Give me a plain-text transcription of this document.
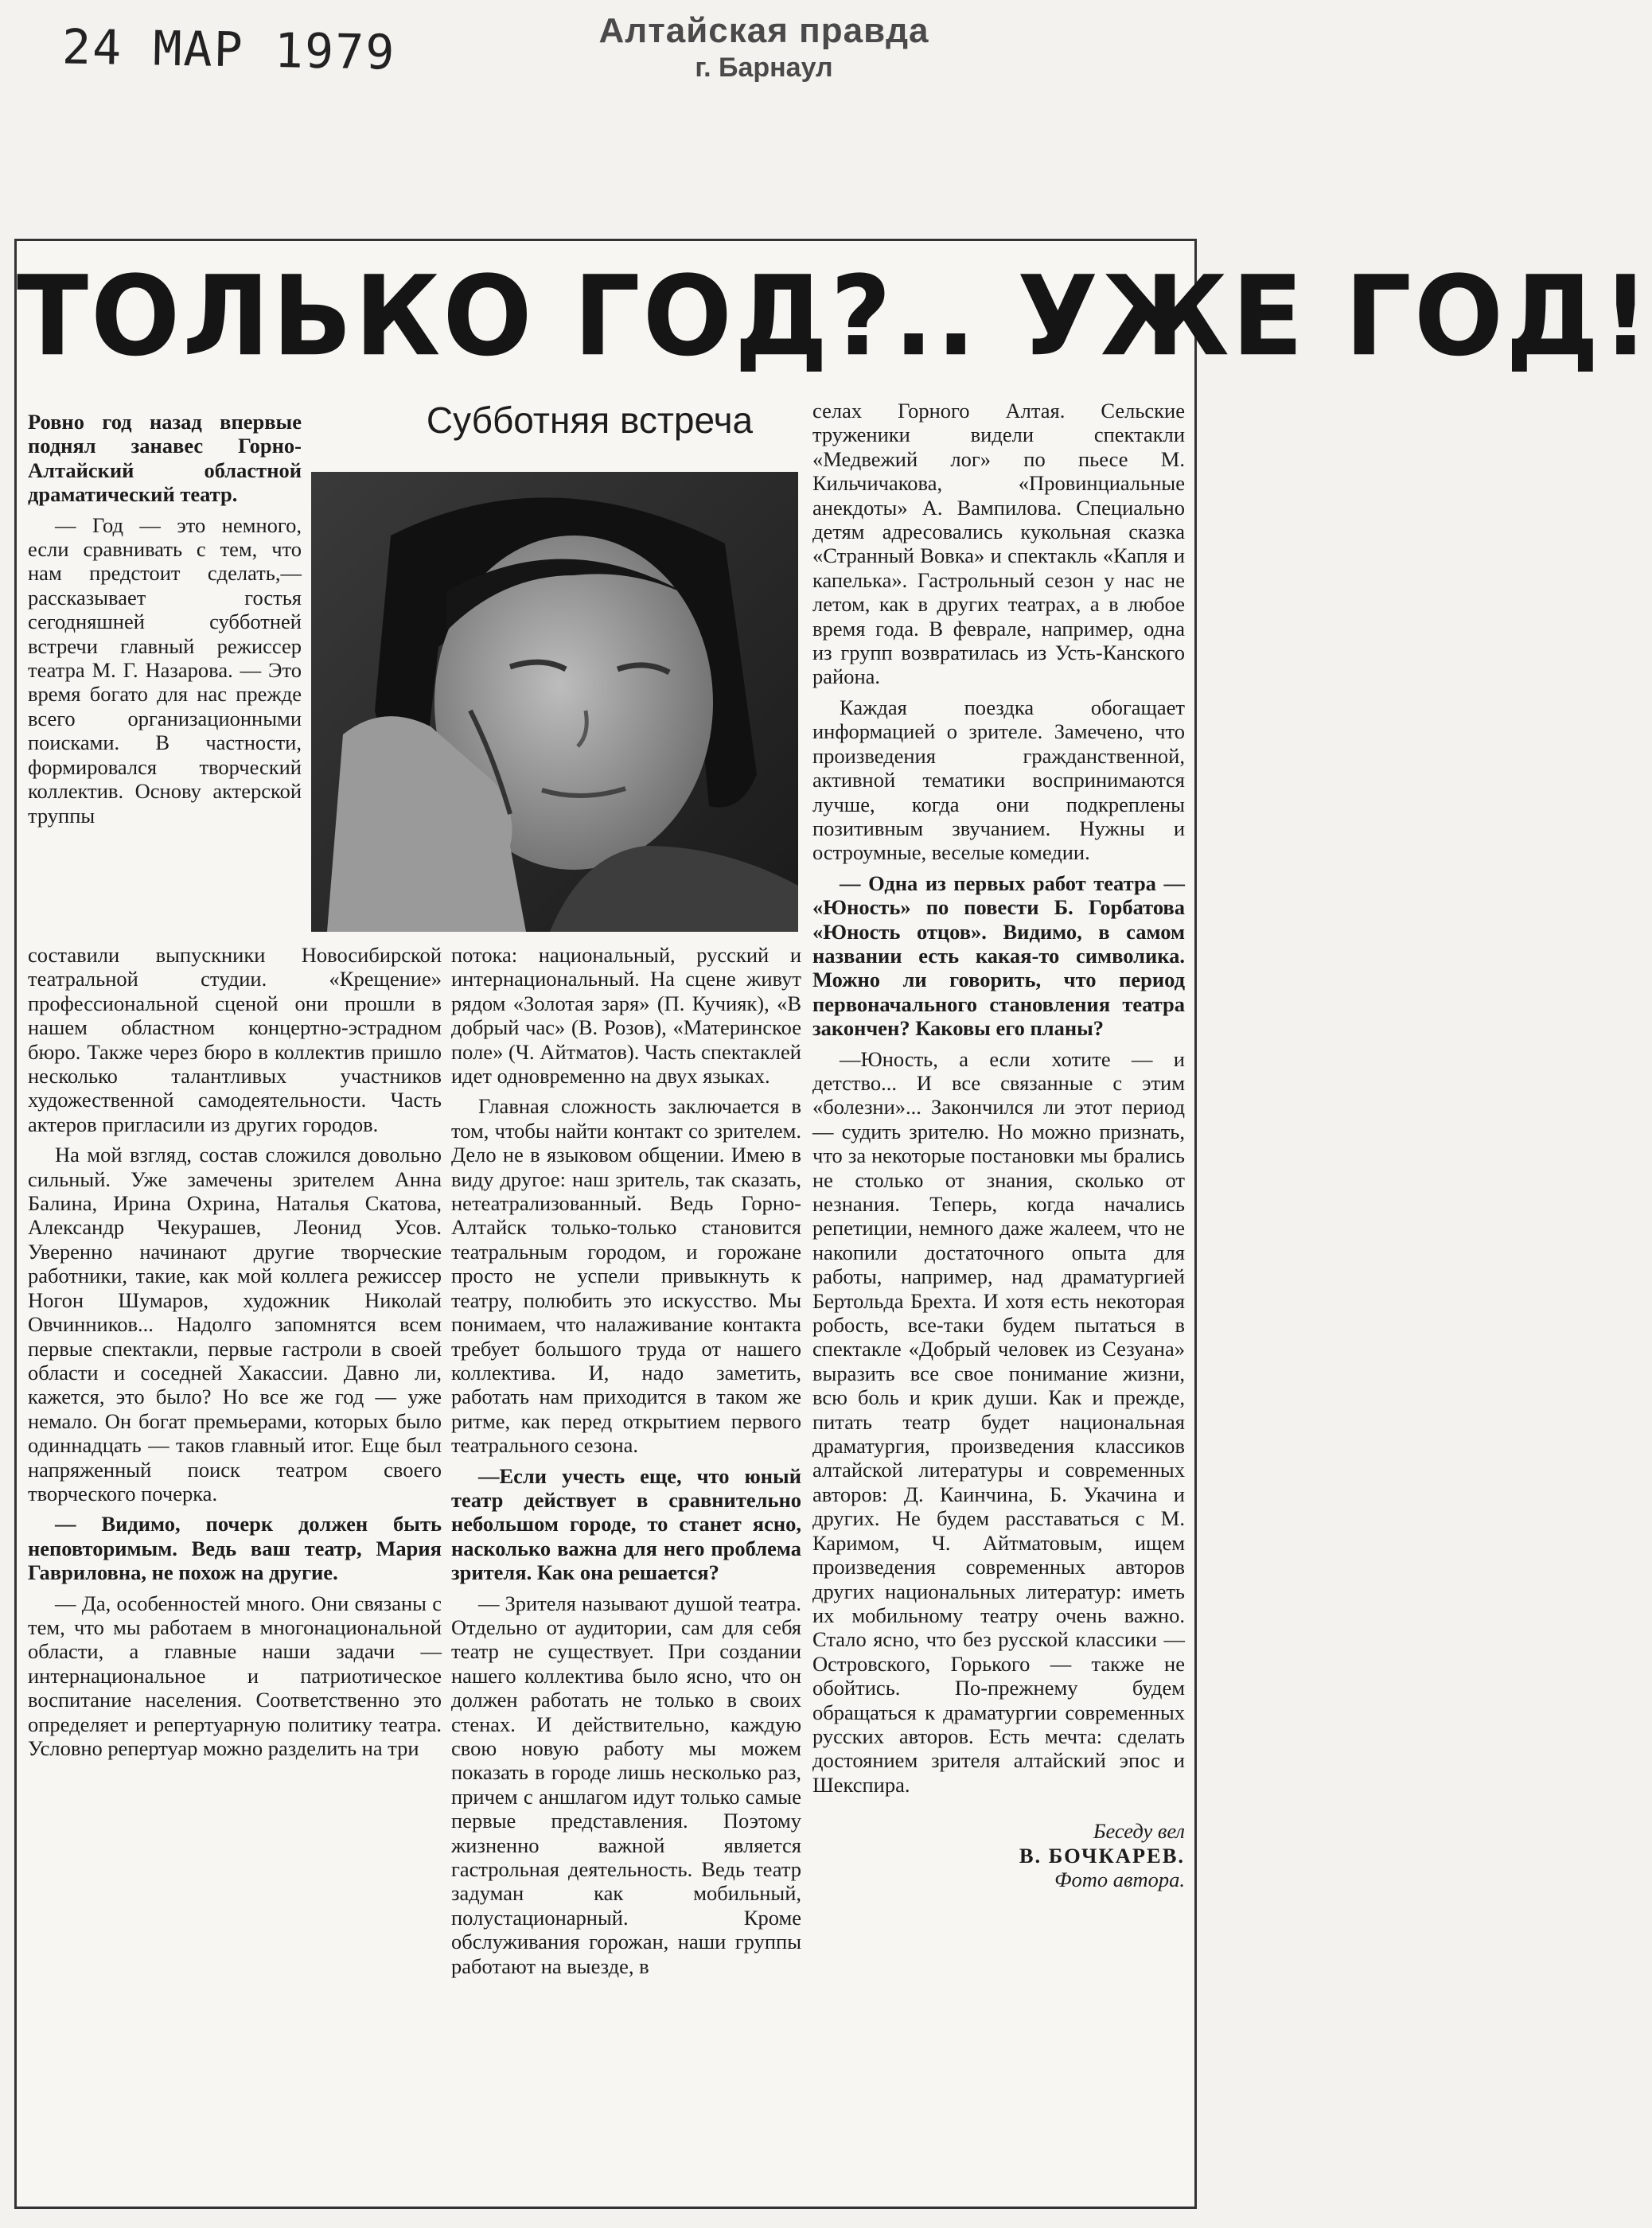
24 МАР 1979	Алтайская правда
г. Барнаул
ТОЛЬКО ГОД?.. УЖЕ ГОД!
Субботняя встреча

Ровно год назад впервые поднял занавес Горно-Алтайский областной драматический театр.

— Год — это немного, если сравнивать с тем, что нам предстоит сделать,— рассказывает гостья сегодняшней субботней встречи главный режиссер театра М. Г. Назарова. — Это время богато для нас прежде всего организационными поисками. В частности, формировался творческий коллектив. Основу актерской труппы

составили выпускники Новосибирской театральной студии. «Крещение» профессиональной сценой они прошли в нашем областном концертно-эстрадном бюро. Также через бюро в коллектив пришло несколько талантливых участников художественной самодеятельности. Часть актеров пригласили из других городов.

На мой взгляд, состав сложился довольно сильный. Уже замечены зрителем Анна Балина, Ирина Охрина, Наталья Скатова, Александр Чекурашев, Леонид Усов. Уверенно начинают другие творческие работники, такие, как мой коллега режиссер Ногон Шумаров, художник Николай Овчинников... Надолго запомнятся всем первые спектакли, первые гастроли в своей области и соседней Хакассии. Давно ли, кажется, это было? Но все же год — уже немало. Он богат премьерами, которых было одиннадцать — таков главный итог. Еще был напряженный поиск театром своего творческого почерка.

— Видимо, почерк должен быть неповторимым. Ведь ваш театр, Мария Гавриловна, не похож на другие.

— Да, особенностей много. Они связаны с тем, что мы работаем в многонациональной области, а главные наши задачи — интернациональное и патриотическое воспитание населения. Соответственно это определяет и репертуарную политику театра. Условно репертуар можно разделить на три

потока: национальный, русский и интернациональный. На сцене живут рядом «Золотая заря» (П. Кучияк), «В добрый час» (В. Розов), «Материнское поле» (Ч. Айтматов). Часть спектаклей идет одновременно на двух языках.

Главная сложность заключается в том, чтобы найти контакт со зрителем. Дело не в языковом общении. Имею в виду другое: наш зритель, так сказать, нетеатрализованный. Ведь Горно-Алтайск только-только становится театральным городом, и горожане просто не успели привыкнуть к театру, полюбить это искусство. Мы понимаем, что налаживание контакта требует большого труда от нашего коллектива. И, надо заметить, работать нам приходится в таком же ритме, как перед открытием первого театрального сезона.

—Если учесть еще, что юный театр действует в сравнительно небольшом городе, то станет ясно, насколько важна для него проблема зрителя. Как она решается?

— Зрителя называют душой театра. Отдельно от аудитории, сам для себя театр не существует. При создании нашего коллектива было ясно, что он должен работать не только в своих стенах. И действительно, каждую свою новую работу мы можем показать в городе лишь несколько раз, причем с аншлагом идут только самые первые представления. Поэтому жизненно важной является гастрольная деятельность. Ведь театр задуман как мобильный, полустационарный. Кроме обслуживания горожан, наши группы работают на выезде, в

селах Горного Алтая. Сельские труженики видели спектакли «Медвежий лог» по пьесе М. Кильчичакова, «Провинциальные анекдоты» А. Вампилова. Специально детям адресовались кукольная сказка «Странный Вовка» и спектакль «Капля и капелька». Гастрольный сезон у нас не летом, как в других театрах, а в любое время года. В феврале, например, одна из групп возвратилась из Усть-Канского района.

Каждая поездка обогащает информацией о зрителе. Замечено, что произведения гражданственной, активной тематики воспринимаются лучше, когда они подкреплены позитивным звучанием. Нужны и остроумные, веселые комедии.

— Одна из первых работ театра — «Юность» по повести Б. Горбатова «Юность отцов». Видимо, в самом названии есть какая-то символика. Можно ли говорить, что период первоначального становления театра закончен? Каковы его планы?

—Юность, а если хотите — и детство... И все связанные с этим «болезни»... Закончился ли этот период — судить зрителю. Но можно признать, что за некоторые постановки мы брались не столько от знания, сколько от незнания. Теперь, когда начались репетиции, немного даже жалеем, что не накопили достаточного опыта для работы, например, над драматургией Бертольда Брехта. И хотя есть некоторая робость, все-таки будем пытаться в спектакле «Добрый человек из Сезуана» выразить все свое понимание жизни, всю боль и крик души. Как и прежде, питать театр будет национальная драматургия, произведения классиков алтайской литературы и современных авторов: Д. Каинчина, Б. Укачина и других. Не будем расставаться с М. Каримом, Ч. Айтматовым, ищем произведения современных авторов других национальных литератур: иметь их мобильному театру очень важно. Стало ясно, что без русской классики — Островского, Горького — также не обойтись. По-прежнему будем обращаться к драматургии современных русских авторов. Есть мечта: сделать достоянием зрителя алтайский эпос и Шекспира.

Беседу вел
В. БОЧКАРЕВ.
Фото автора.
